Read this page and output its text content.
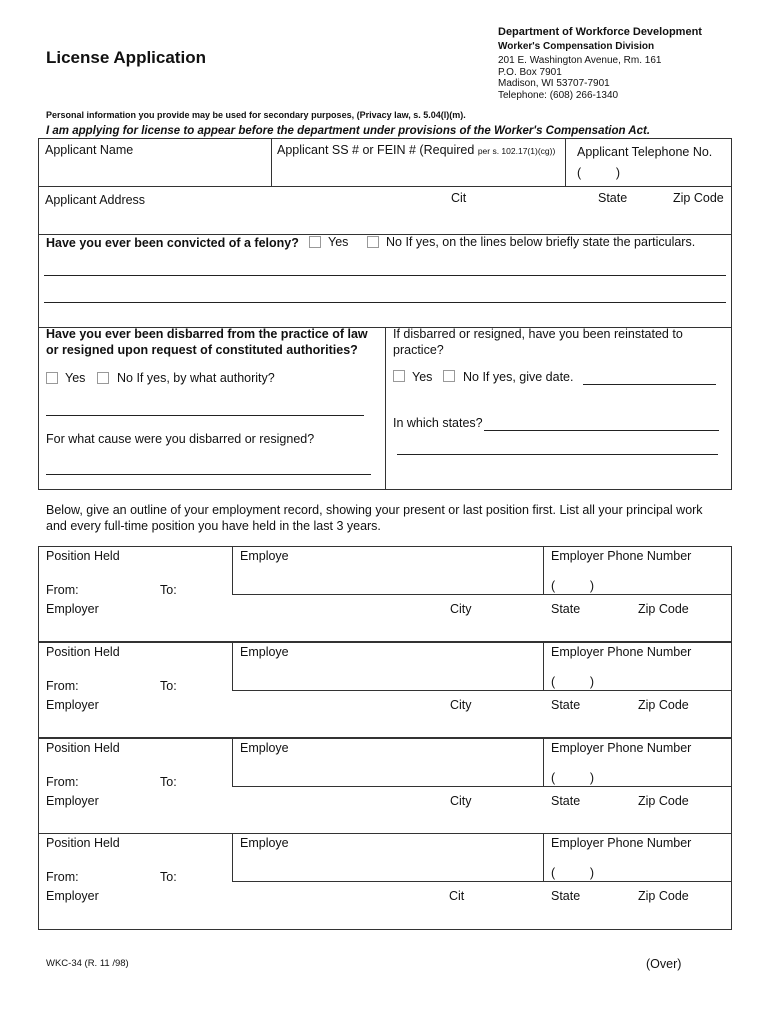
License Application
Department of Workforce Development
Worker's Compensation Division
201 E. Washington Avenue, Rm. 161
P.O. Box 7901
Madison, WI 53707-7901
Telephone: (608) 266-1340
Personal information you provide may be used for secondary purposes, (Privacy law, s. 5.04(l)(m).
I am applying for license to appear before the department under provisions of the Worker's Compensation Act.
Applicant Name	Applicant SS # or FEIN # (Required per s. 102.17(1)(cg)) Applicant Telephone No.
(          )
Applicant Address	Cit	State	Zip Code
Have you ever been convicted of a felony? Yes	No If yes, on the lines below briefly state the particulars.
Have you ever been disbarred from the practice of law or resigned upon request of constituted authorities?
Yes	No If yes, by what authority?
For what cause were you disbarred or resigned?
If disbarred or resigned, have you been reinstated to practice?
Yes No If yes, give date.
In which states?
Below, give an outline of your employment record, showing your present or last position first. List all your principal work and every full-time position you have held in the last 3 years.
Position Held	Employe	Employer Phone Number
From:	To:	(          )
Employer	City	State	Zip Code
Position Held	Employe	Employer Phone Number
From:	To:	(          )
Employer	City	State	Zip Code
Position Held	Employe	Employer Phone Number
From:	To:	(          )
Employer	City	State	Zip Code
Position Held	Employe	Employer Phone Number
From:	To:	(          )
Employer	Cit	State	Zip Code
WKC-34 (R. 11 /98)	(Over)
